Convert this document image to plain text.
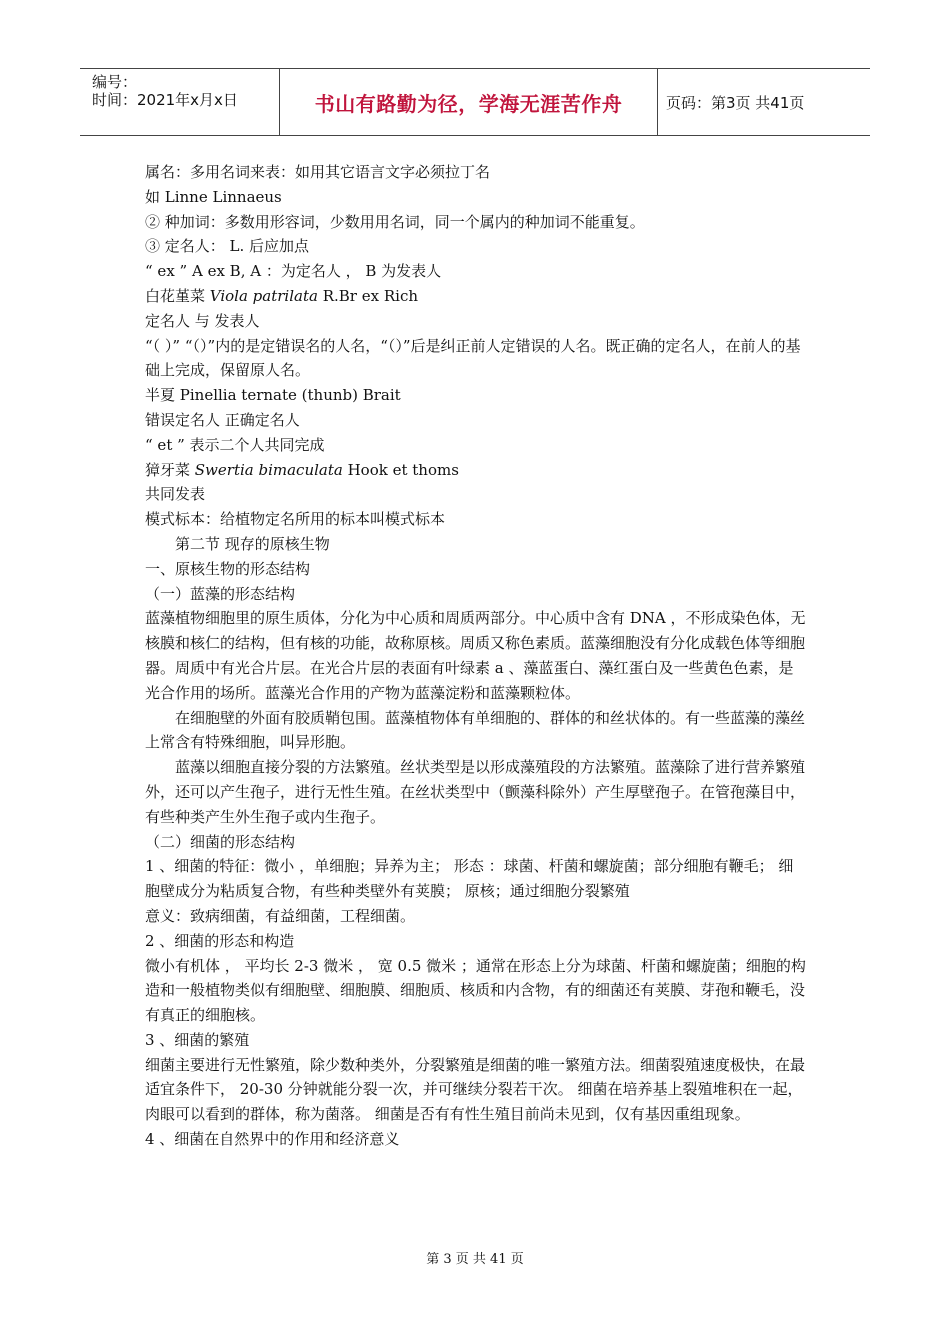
编号：
时间：2021年x月x日	书山有路勤为径，学海无涯苦作舟	页码：第3页 共41页

属名：多用名词来表：如用其它语言文字必须拉丁名

如 Linne Linnaeus

② 种加词：多数用形容词，少数用用名词，同一个属内的种加词不能重复。

③ 定名人： L. 后应加点

“ ex ” A ex B, A ：为定名人 ， B 为发表人

白花堇菜 Viola patrilata R.Br ex Rich

定名人 与 发表人

“（ ）” “（）”内的是定错误名的人名，“（）”后是纠正前人定错误的人名。既正确的定名人，在前人的基础上完成，保留原人名。

半夏 Pinellia ternate (thunb) Brait

错误定名人 正确定名人

“ et ” 表示二个人共同完成

獐牙菜 Swertia bimaculata Hook et thoms

共同发表

模式标本：给植物定名所用的标本叫模式标本

第二节 现存的原核生物

一、原核生物的形态结构

（一）蓝藻的形态结构

蓝藻植物细胞里的原生质体，分化为中心质和周质两部分。中心质中含有 DNA ，不形成染色体，无核膜和核仁的结构，但有核的功能，故称原核。周质又称色素质。蓝藻细胞没有分化成载色体等细胞器。周质中有光合片层。在光合片层的表面有叶绿素 a 、藻蓝蛋白、藻红蛋白及一些黄色色素，是光合作用的场所。蓝藻光合作用的产物为蓝藻淀粉和蓝藻颗粒体。

在细胞壁的外面有胶质鞘包围。蓝藻植物体有单细胞的、群体的和丝状体的。有一些蓝藻的藻丝上常含有特殊细胞，叫异形胞。

蓝藻以细胞直接分裂的方法繁殖。丝状类型是以形成藻殖段的方法繁殖。蓝藻除了进行营养繁殖外，还可以产生孢子，进行无性生殖。在丝状类型中（颤藻科除外）产生厚壁孢子。在管孢藻目中，有些种类产生外生孢子或内生孢子。

（二）细菌的形态结构

1 、细菌的特征：微小 ，单细胞；异养为主； 形态 ：球菌、杆菌和螺旋菌；部分细胞有鞭毛； 细胞壁成分为粘质复合物，有些种类壁外有荚膜； 原核；通过细胞分裂繁殖

意义：致病细菌，有益细菌，工程细菌。

2 、细菌的形态和构造

微小有机体 ， 平均长 2-3 微米 ， 宽 0.5 微米 ；通常在形态上分为球菌、杆菌和螺旋菌；细胞的构造和一般植物类似有细胞壁、细胞膜、细胞质、核质和内含物，有的细菌还有荚膜、芽孢和鞭毛，没有真正的细胞核。

3 、细菌的繁殖

细菌主要进行无性繁殖，除少数种类外，分裂繁殖是细菌的唯一繁殖方法。细菌裂殖速度极快，在最适宜条件下， 20-30 分钟就能分裂一次，并可继续分裂若干次。 细菌在培养基上裂殖堆积在一起，肉眼可以看到的群体，称为菌落。 细菌是否有有性生殖目前尚未见到，仅有基因重组现象。

4 、细菌在自然界中的作用和经济意义

第 3 页 共 41 页
